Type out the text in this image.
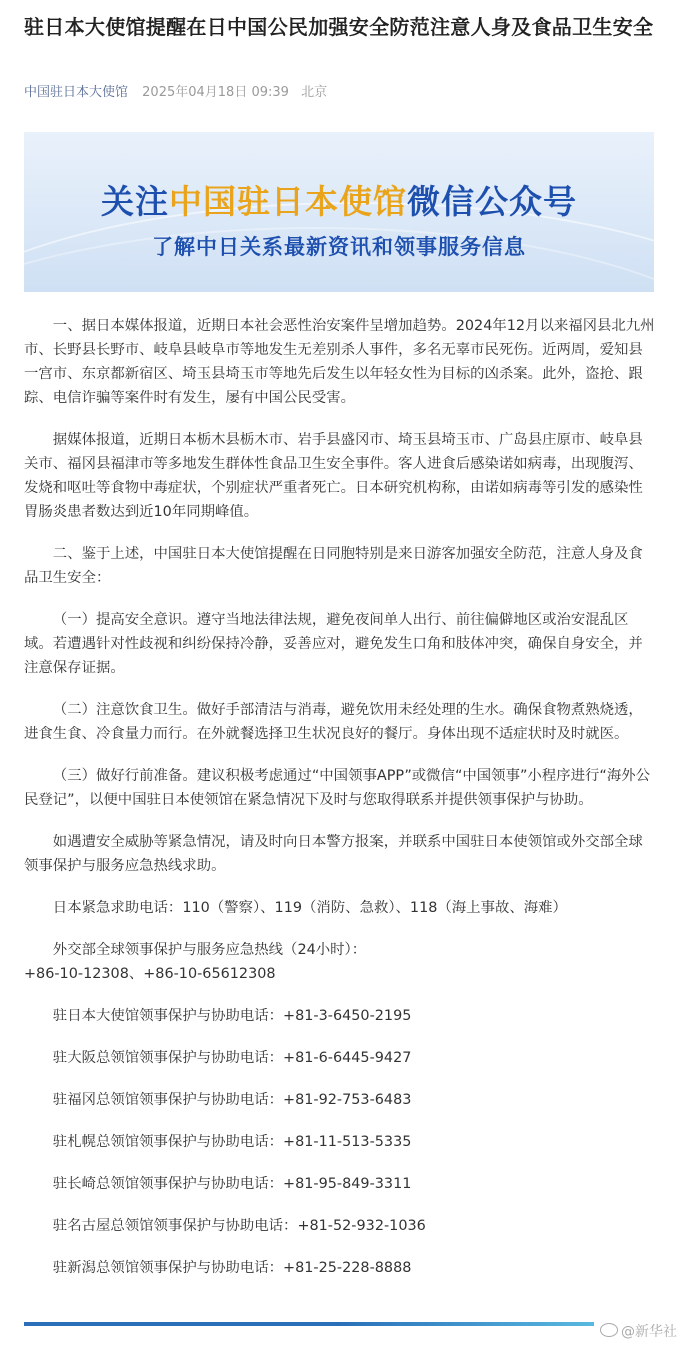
驻日本大使馆提醒在日中国公民加强安全防范注意人身及食品卫生安全
中国驻日本大使馆 2025年04月18日 09:39 北京
关注中国驻日本使馆微信公众号
了解中日关系最新资讯和领事服务信息

一、据日本媒体报道，近期日本社会恶性治安案件呈增加趋势。2024年12月以来福冈县北九州市、长野县长野市、岐阜县岐阜市等地发生无差别杀人事件，多名无辜市民死伤。近两周，爱知县一宫市、东京都新宿区、埼玉县埼玉市等地先后发生以年轻女性为目标的凶杀案。此外，盗抢、跟踪、电信诈骗等案件时有发生，屡有中国公民受害。

据媒体报道，近期日本栃木县栃木市、岩手县盛冈市、埼玉县埼玉市、广岛县庄原市、岐阜县关市、福冈县福津市等多地发生群体性食品卫生安全事件。客人进食后感染诺如病毒，出现腹泻、发烧和呕吐等食物中毒症状，个别症状严重者死亡。日本研究机构称，由诺如病毒等引发的感染性胃肠炎患者数达到近10年同期峰值。

二、鉴于上述，中国驻日本大使馆提醒在日同胞特别是来日游客加强安全防范，注意人身及食品卫生安全：

（一）提高安全意识。遵守当地法律法规，避免夜间单人出行、前往偏僻地区或治安混乱区域。若遭遇针对性歧视和纠纷保持冷静，妥善应对，避免发生口角和肢体冲突，确保自身安全，并注意保存证据。

（二）注意饮食卫生。做好手部清洁与消毒，避免饮用未经处理的生水。确保食物煮熟烧透，进食生食、冷食量力而行。在外就餐选择卫生状况良好的餐厅。身体出现不适症状时及时就医。

（三）做好行前准备。建议积极考虑通过“中国领事APP”或微信“中国领事”小程序进行“海外公民登记”，以便中国驻日本使领馆在紧急情况下及时与您取得联系并提供领事保护与协助。

如遇遭安全威胁等紧急情况，请及时向日本警方报案，并联系中国驻日本使领馆或外交部全球领事保护与服务应急热线求助。

日本紧急求助电话：110（警察）、119（消防、急救）、118（海上事故、海难）

外交部全球领事保护与服务应急热线（24小时）：
+86-10-12308、+86-10-65612308

驻日本大使馆领事保护与协助电话：+81-3-6450-2195

驻大阪总领馆领事保护与协助电话：+81-6-6445-9427

驻福冈总领馆领事保护与协助电话：+81-92-753-6483

驻札幌总领馆领事保护与协助电话：+81-11-513-5335

驻长崎总领馆领事保护与协助电话：+81-95-849-3311

驻名古屋总领馆领事保护与协助电话：+81-52-932-1036

驻新潟总领馆领事保护与协助电话：+81-25-228-8888

@新华社
